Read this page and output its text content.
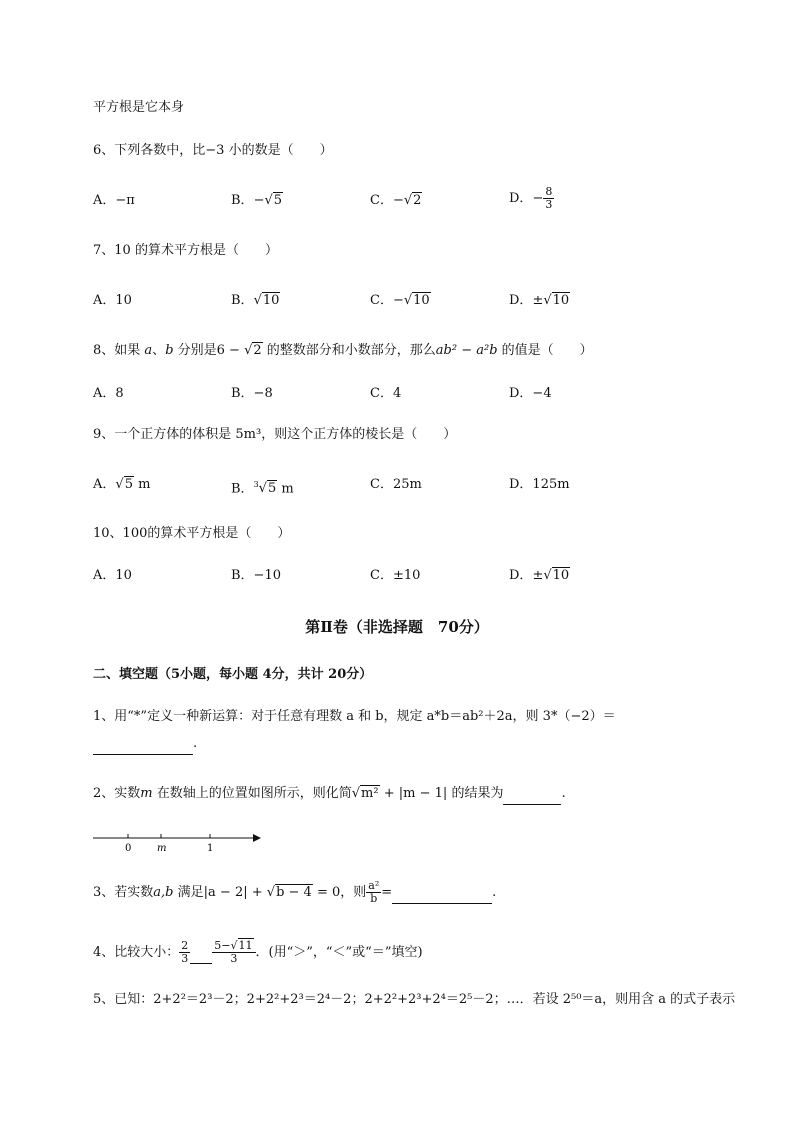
平方根是它本身
6、下列各数中，比−3 小的数是（　　）
A．−π	B．−√5	C．−√2	D．− $\frac{8}{3}$
7、10 的算术平方根是（　　）
A．10	B．√10	C．−√10	D．±√10
8、如果 a、b 分别是6 − √2 的整数部分和小数部分，那么ab² − a²b 的值是（　　）
A．8	B．−8	C．4	D．−4
9、一个正方体的体积是 5m³，则这个正方体的棱长是（　　）
A．√5 m	B．$^3$√5 m	C．25m	D．125m
10、100的算术平方根是（　　）
A．10	B．−10	C．±10	D．±√10
第Ⅱ卷（非选择题　70分）
二、填空题（5小题，每小题 4分，共计 20分）
1、用“*”定义一种新运算：对于任意有理数 a 和 b，规定 a*b＝ab²＋2a，则 3*（−2）＝
.
2、实数m 在数轴上的位置如图所示，则化简√m² + |m − 1| 的结果为	.
0	m	1
3、若实数a,b 满足|a − 2| + √b − 4 = 0，则 $\frac{\text{a²}}{b}$ =	.
4、比较大小： $\frac{2}{3}$
$\frac{5-√11}{3}$ ．(用“＞”，“＜”或“＝”填空)
5、已知：2+2²＝2³－2；2+2²+2³＝2⁴－2；2+2²+2³+2⁴＝2⁵－2；…．若设 2⁵⁰＝a，则用含 a 的式子表示
